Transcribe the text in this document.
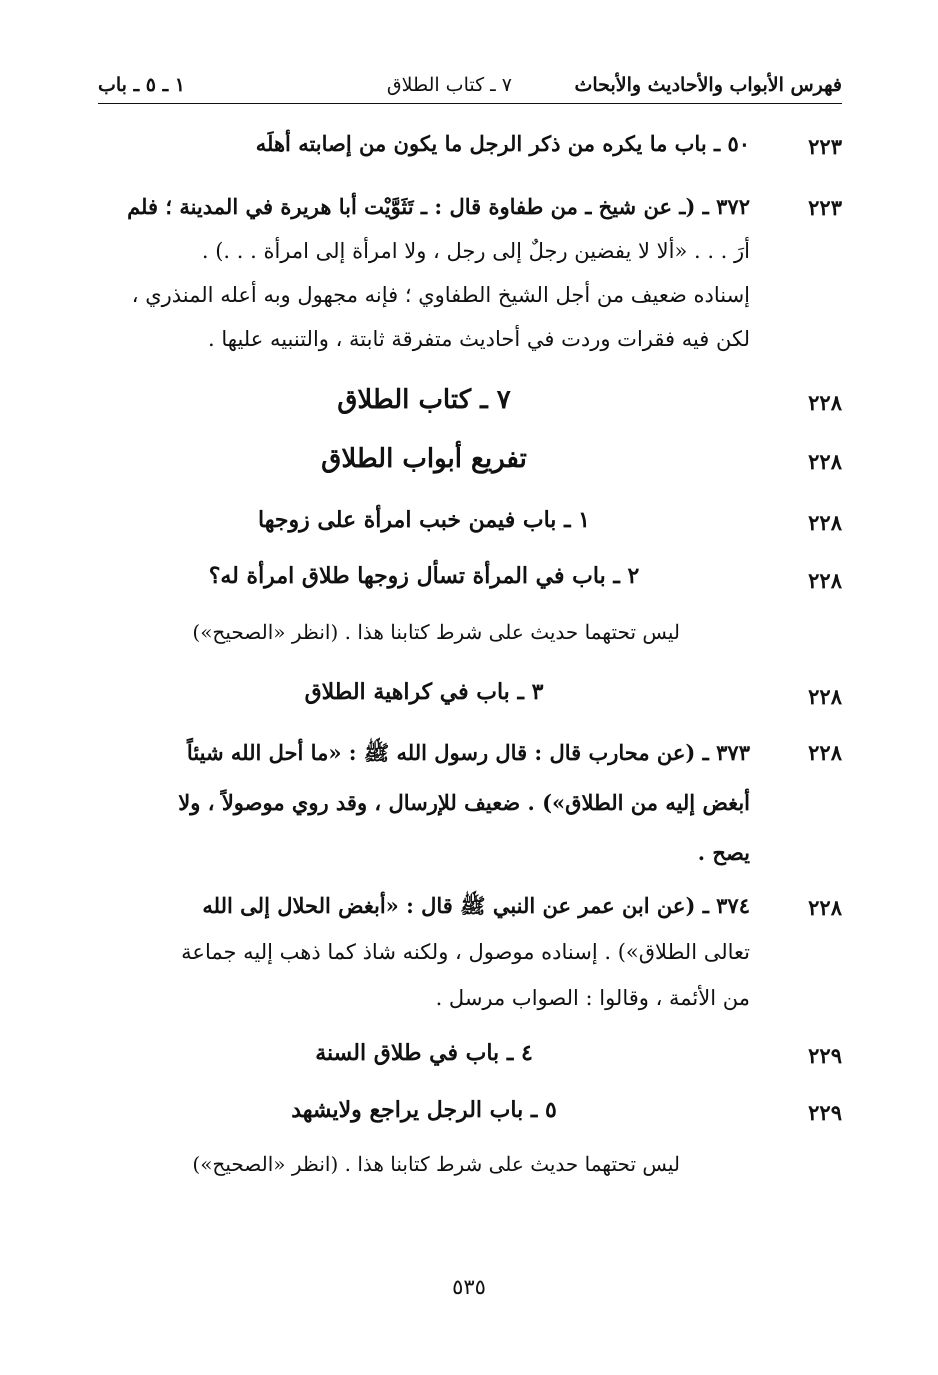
فهرس الأبواب والأحاديث والأبحاث
٧ ـ كتاب الطلاق
١ ـ ٥ ـ باب
٢٢٣
٥٠ ـ باب ما يكره من ذكر الرجل ما يكون من إصابته أهلَه
٢٢٣
٣٧٢ ـ (ـ عن شيخ ـ من طفاوة قال : ـ تَثَوَّيْت أبا هريرة في المدينة ؛ فلم
أرَ . . . «ألا لا يفضين رجلٌ إلى رجل ، ولا امرأة إلى امرأة . . .) .
إسناده ضعيف من أجل الشيخ الطفاوي ؛ فإنه مجهول وبه أعله المنذري ،
لكن فيه فقرات وردت في أحاديث متفرقة ثابتة ، والتنبيه عليها .
٢٢٨
٧ ـ كتاب الطلاق
٢٢٨
تفريع أبواب الطلاق
٢٢٨
١ ـ باب فيمن خبب امرأة على زوجها
٢٢٨
٢ ـ باب في المرأة تسأل زوجها طلاق امرأة له؟
ليس تحتهما حديث على شرط كتابنا هذا . (انظر «الصحيح»)
٢٢٨
٣ ـ باب في كراهية الطلاق
٢٢٨
٣٧٣ ـ (عن محارب قال : قال رسول الله ﷺ : «ما أحل الله شيئاً
أبغض إليه من الطلاق») . ضعيف للإرسال ، وقد روي موصولاً ، ولا
يصح .
٢٢٨
٣٧٤ ـ (عن ابن عمر عن النبي ﷺ قال : «أبغض الحلال إلى الله
تعالى الطلاق») . إسناده موصول ، ولكنه شاذ كما ذهب إليه جماعة
من الأئمة ، وقالوا : الصواب مرسل .
٢٢٩
٤ ـ باب في طلاق السنة
٢٢٩
٥ ـ باب الرجل يراجع ولايشهد
ليس تحتهما حديث على شرط كتابنا هذا . (انظر «الصحيح»)
٥٣٥
